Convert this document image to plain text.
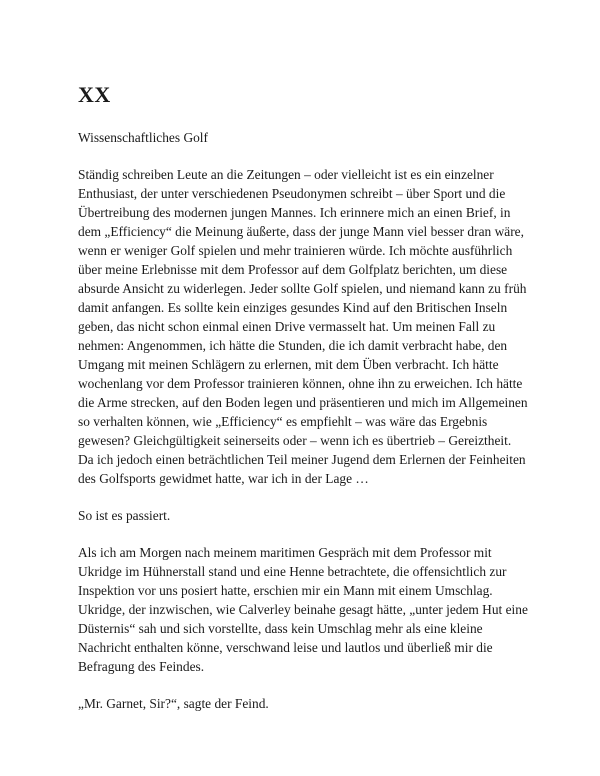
XX
Wissenschaftliches Golf

Ständig schreiben Leute an die Zeitungen – oder vielleicht ist es ein einzelner Enthusiast, der unter verschiedenen Pseudonymen schreibt – über Sport und die Übertreibung des modernen jungen Mannes. Ich erinnere mich an einen Brief, in dem „Efficiency“ die Meinung äußerte, dass der junge Mann viel besser dran wäre, wenn er weniger Golf spielen und mehr trainieren würde. Ich möchte ausführlich über meine Erlebnisse mit dem Professor auf dem Golfplatz berichten, um diese absurde Ansicht zu widerlegen. Jeder sollte Golf spielen, und niemand kann zu früh damit anfangen. Es sollte kein einziges gesundes Kind auf den Britischen Inseln geben, das nicht schon einmal einen Drive vermasselt hat. Um meinen Fall zu nehmen: Angenommen, ich hätte die Stunden, die ich damit verbracht habe, den Umgang mit meinen Schlägern zu erlernen, mit dem Üben verbracht. Ich hätte wochenlang vor dem Professor trainieren können, ohne ihn zu erweichen. Ich hätte die Arme strecken, auf den Boden legen und präsentieren und mich im Allgemeinen so verhalten können, wie „Efficiency“ es empfiehlt – was wäre das Ergebnis gewesen? Gleichgültigkeit seinerseits oder – wenn ich es übertrieb – Gereiztheit. Da ich jedoch einen beträchtlichen Teil meiner Jugend dem Erlernen der Feinheiten des Golfsports gewidmet hatte, war ich in der Lage …

So ist es passiert.

Als ich am Morgen nach meinem maritimen Gespräch mit dem Professor mit Ukridge im Hühnerstall stand und eine Henne betrachtete, die offensichtlich zur Inspektion vor uns posiert hatte, erschien mir ein Mann mit einem Umschlag. Ukridge, der inzwischen, wie Calverley beinahe gesagt hätte, „unter jedem Hut eine Düsternis“ sah und sich vorstellte, dass kein Umschlag mehr als eine kleine Nachricht enthalten könne, verschwand leise und lautlos und überließ mir die Befragung des Feindes.

„Mr. Garnet, Sir?“, sagte der Feind.
